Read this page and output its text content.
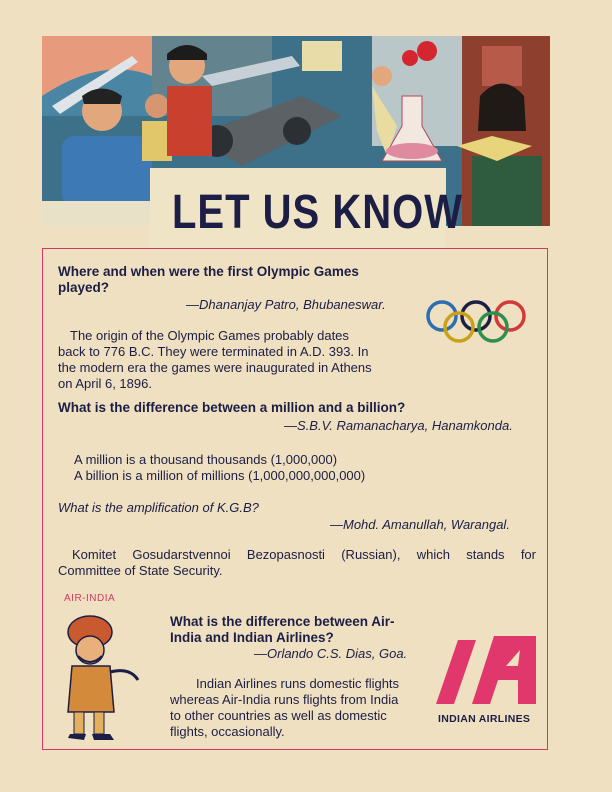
LET US KNOW
Where and when were the first Olympic Games
played?
—Dhananjay Patro, Bhubaneswar.
The origin of the Olympic Games probably dates
back to 776 B.C. They were terminated in A.D. 393. In
the modern era the games were inaugurated in Athens
on April 6, 1896.
What is the difference between a million and a billion?
—S.B.V. Ramanacharya, Hanamkonda.
A million is a thousand thousands (1,000,000)
A billion is a million of millions (1,000,000,000,000)
What is the amplification of K.G.B?
—Mohd. Amanullah, Warangal.
Komitet Gosudarstvennoi Bezopasnosti (Russian), which stands for
Committee of State Security.
AIR-INDIA
What is the difference between Air-
India and Indian Airlines?
—Orlando C.S. Dias, Goa.
Indian Airlines runs domestic flights
whereas Air-India runs flights from India
to other countries as well as domestic
flights, occasionally.
INDIAN AIRLINES
